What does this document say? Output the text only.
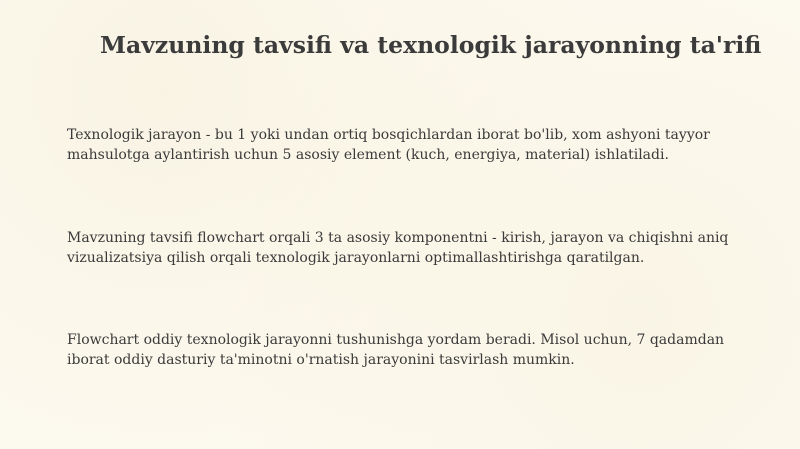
Mavzuning tavsifi va texnologik jarayonning ta'rifi

Texnologik jarayon - bu 1 yoki undan ortiq bosqichlardan iborat bo'lib, xom ashyoni tayyor
mahsulotga aylantirish uchun 5 asosiy element (kuch, energiya, material) ishlatiladi.

Mavzuning tavsifi flowchart orqali 3 ta asosiy komponentni - kirish, jarayon va chiqishni aniq
vizualizatsiya qilish orqali texnologik jarayonlarni optimallashtirishga qaratilgan.

Flowchart oddiy texnologik jarayonni tushunishga yordam beradi. Misol uchun, 7 qadamdan
iborat oddiy dasturiy ta'minotni o'rnatish jarayonini tasvirlash mumkin.
